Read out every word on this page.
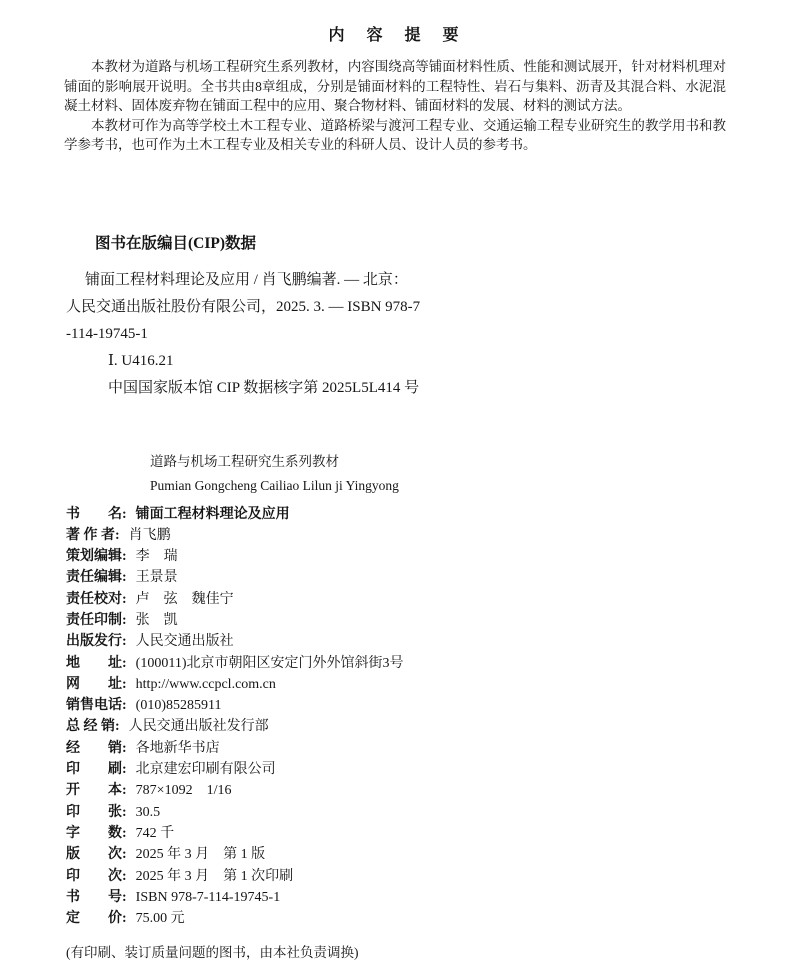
内　容　提　要

本教材为道路与机场工程研究生系列教材，内容围绕高等铺面材料性质、性能和测试展开，针对材料机理对铺面的影响展开说明。全书共由8章组成，分别是铺面材料的工程特性、岩石与集料、沥青及其混合料、水泥混凝土材料、固体废弃物在铺面工程中的应用、聚合物材料、铺面材料的发展、材料的测试方法。

本教材可作为高等学校土木工程专业、道路桥梁与渡河工程专业、交通运输工程专业研究生的教学用书和教学参考书，也可作为土木工程专业及相关专业的科研人员、设计人员的参考书。

图书在版编目(CIP)数据
铺面工程材料理论及应用 / 肖飞鹏编著. — 北京：
人民交通出版社股份有限公司，2025. 3. — ISBN 978-7
-114-19745-1
Ⅰ. U416.21
中国国家版本馆 CIP 数据核字第 2025L5L414 号
道路与机场工程研究生系列教材
Pumian Gongcheng Cailiao Lilun ji Yingyong
书　　名: 铺面工程材料理论及应用
著 作 者: 肖飞鹏
策划编辑: 李　瑞
责任编辑: 王景景
责任校对: 卢　弦　魏佳宁
责任印制: 张　凯
出版发行: 人民交通出版社
地　　址: (100011)北京市朝阳区安定门外外馆斜街3号
网　　址: http://www.ccpcl.com.cn
销售电话: (010)85285911
总 经 销: 人民交通出版社发行部
经　　销: 各地新华书店
印　　刷: 北京建宏印刷有限公司
开　　本: 787×1092　1/16
印　　张: 30.5
字　　数: 742 千
版　　次: 2025 年 3 月　第 1 版
印　　次: 2025 年 3 月　第 1 次印刷
书　　号: ISBN 978-7-114-19745-1
定　　价: 75.00 元
(有印刷、装订质量问题的图书，由本社负责调换)
